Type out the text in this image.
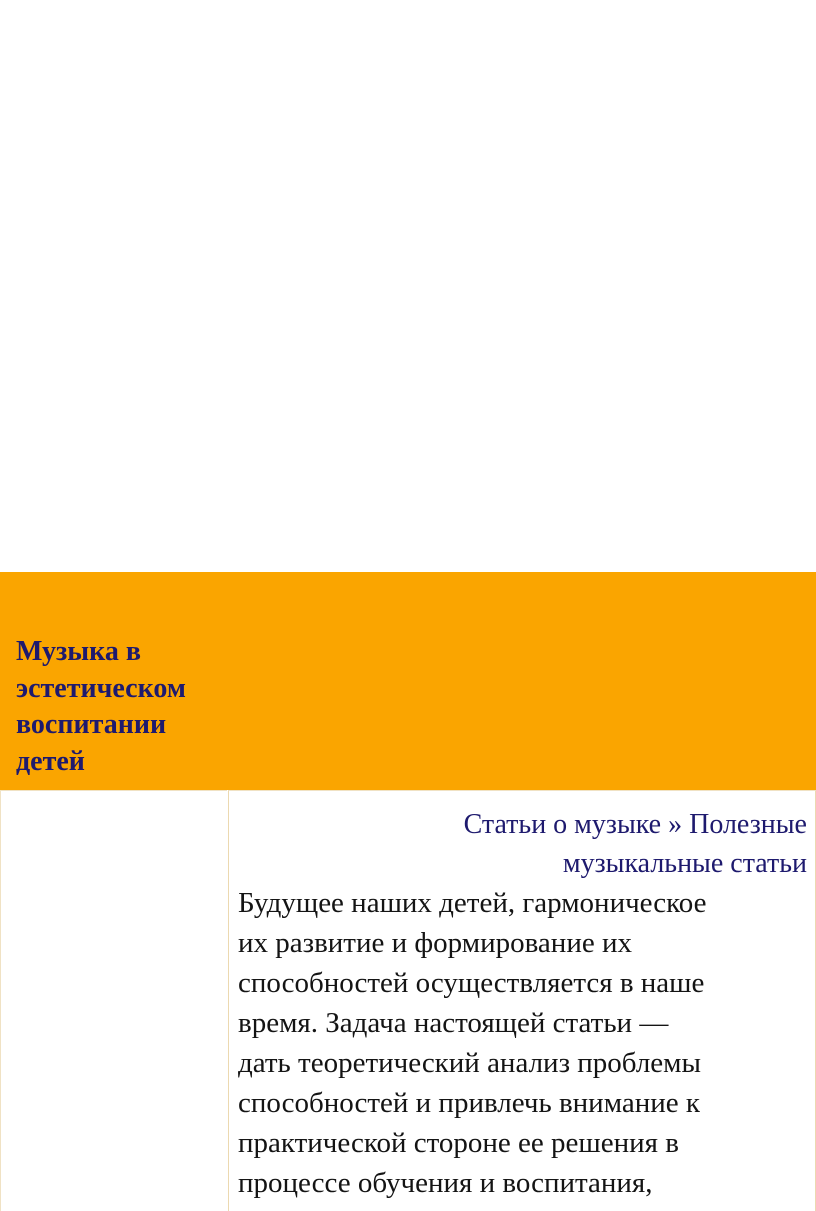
Музыка в
эстетическом
воспитании
детей

Статьи о музыке » Полезные
музыкальные статьи

Будущее наших детей, гармоническое
их развитие и формирование их
способностей осуществляется в наше
время. Задача настоящей статьи —
дать теоретический анализ проблемы
способностей и привлечь внимание к
практической стороне ее решения в
процессе обучения и воспитания,
